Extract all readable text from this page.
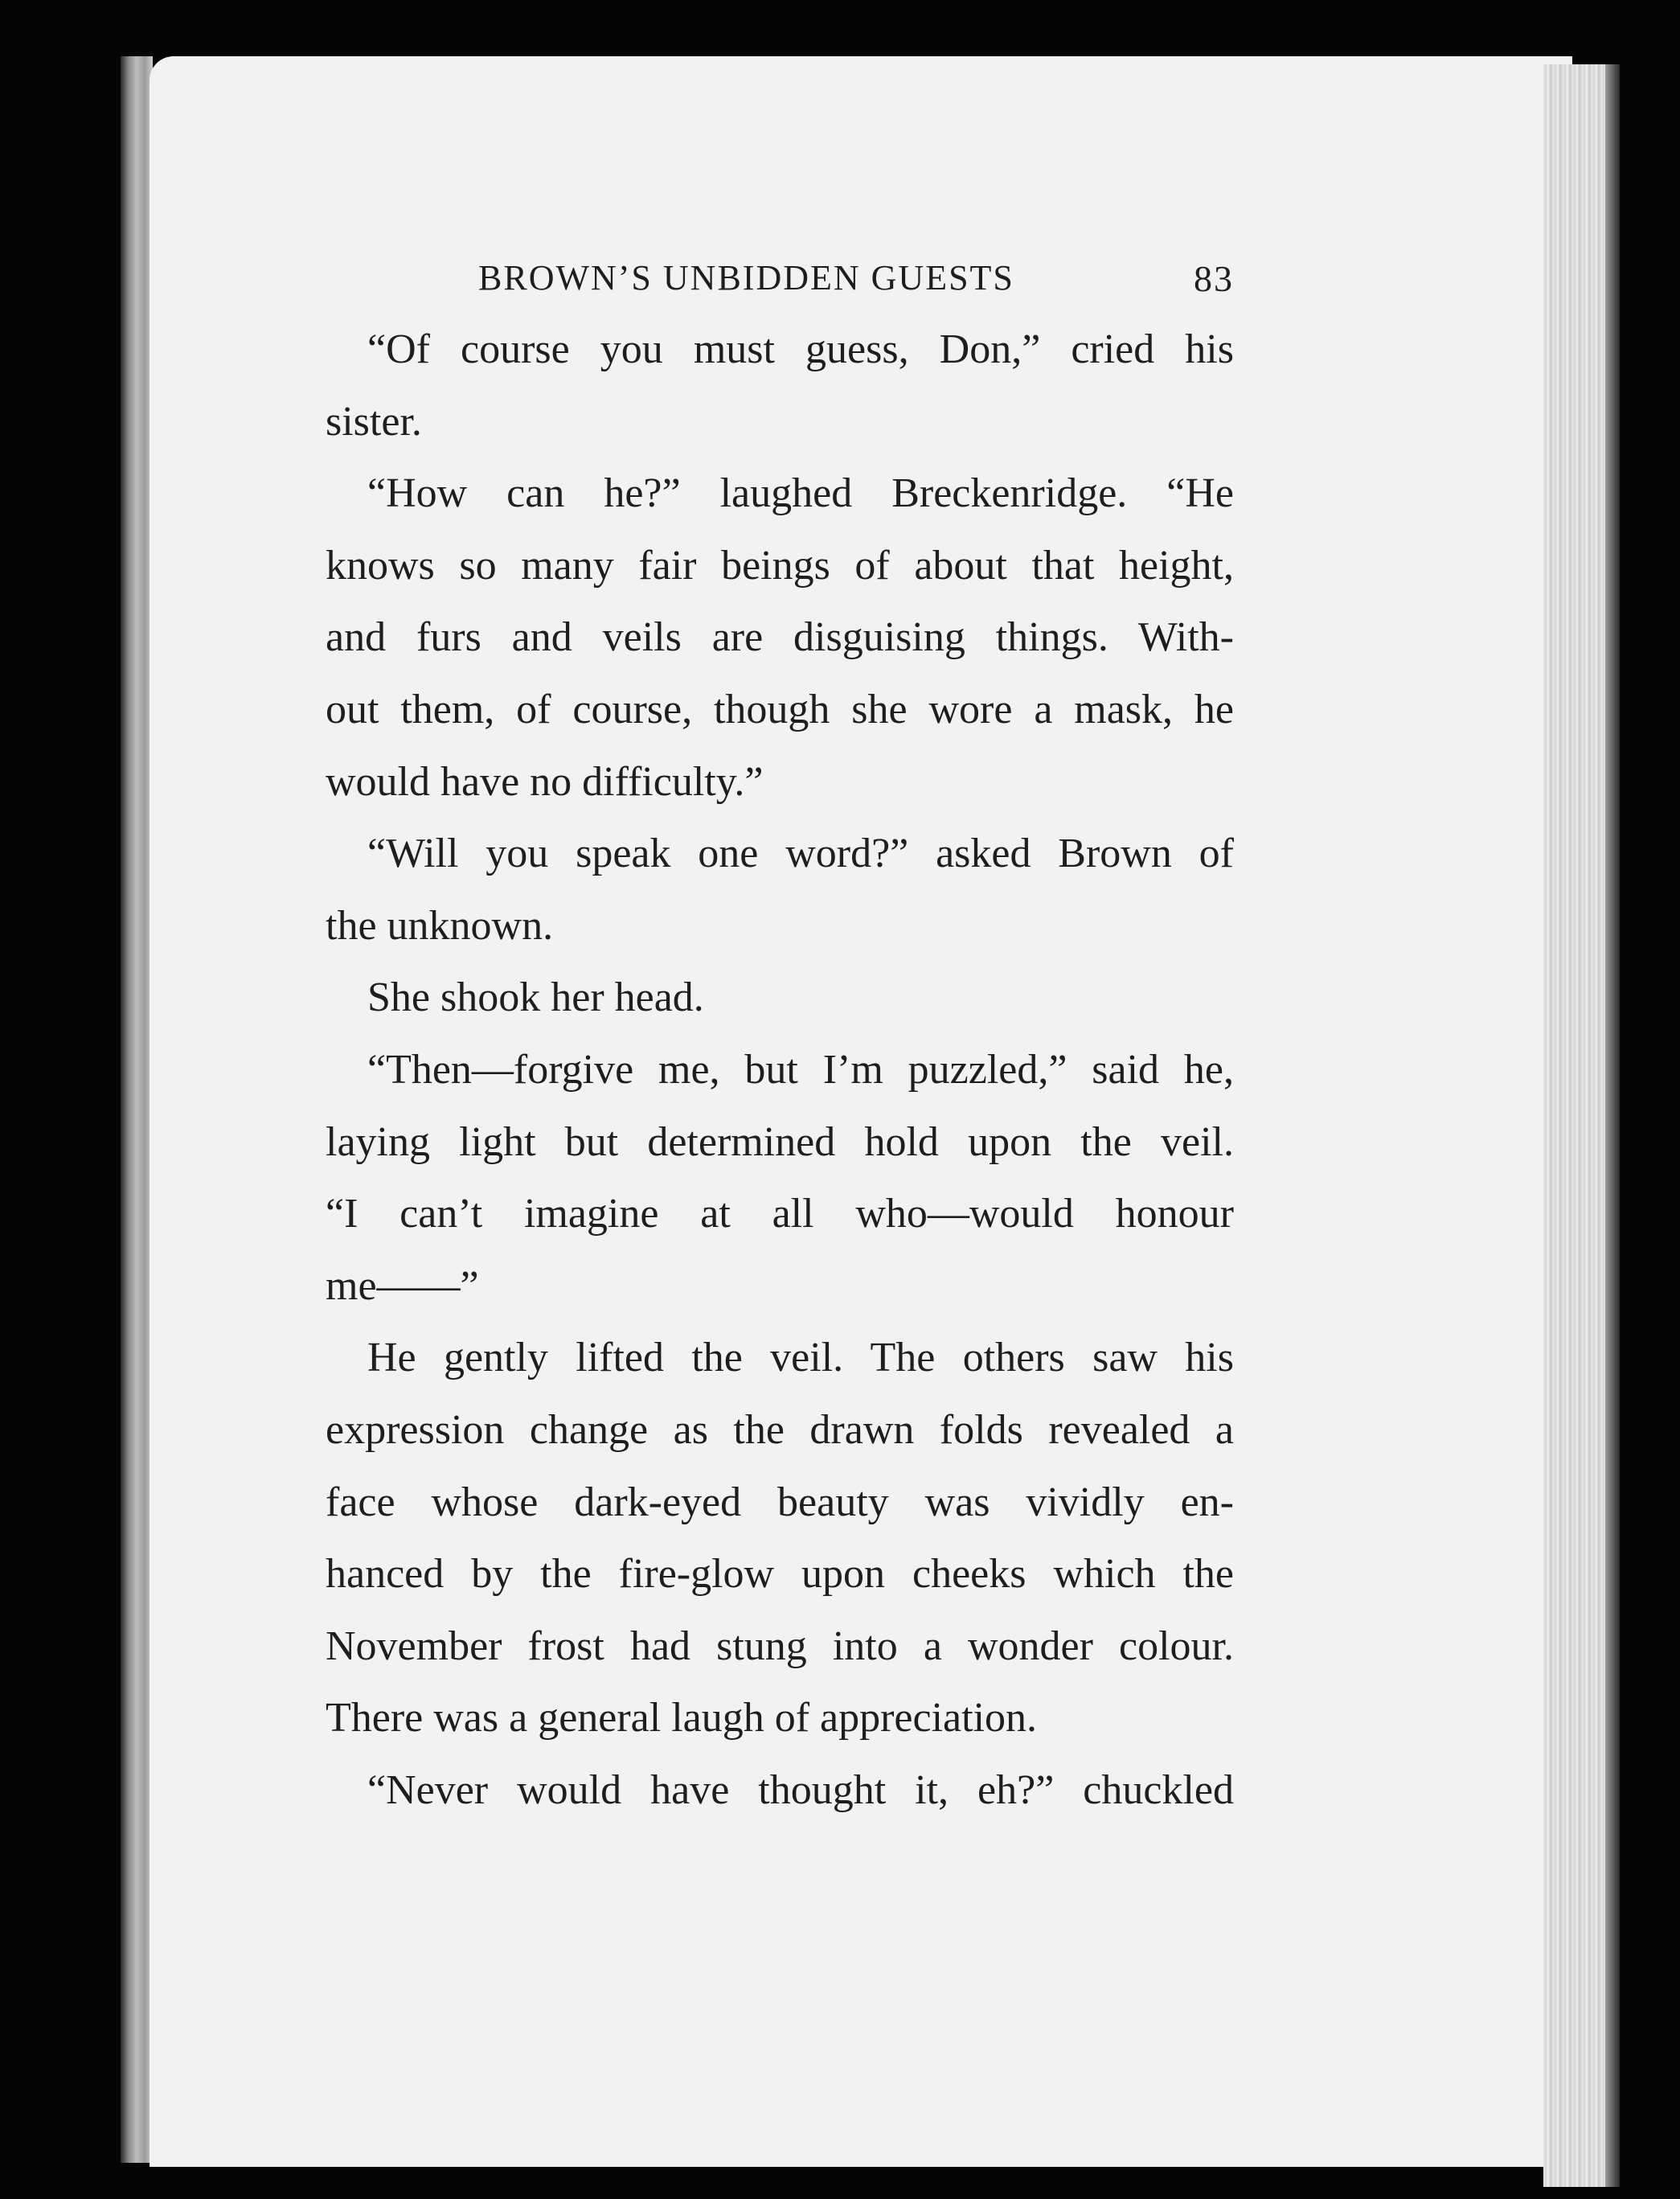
BROWN’S UNBIDDEN GUESTS	83
“Of course you must guess, Don,” cried his
sister.
“How can he?” laughed Breckenridge. “He
knows so many fair beings of about that height,
and furs and veils are disguising things. With-
out them, of course, though she wore a mask, he
would have no difficulty.”
“Will you speak one word?” asked Brown of
the unknown.
She shook her head.
“Then—forgive me, but I’m puzzled,” said he,
laying light but determined hold upon the veil.
“I can’t imagine at all who—would honour
me——”
He gently lifted the veil. The others saw his
expression change as the drawn folds revealed a
face whose dark-eyed beauty was vividly en-
hanced by the fire-glow upon cheeks which the
November frost had stung into a wonder colour.
There was a general laugh of appreciation.
“Never would have thought it, eh?” chuckled
